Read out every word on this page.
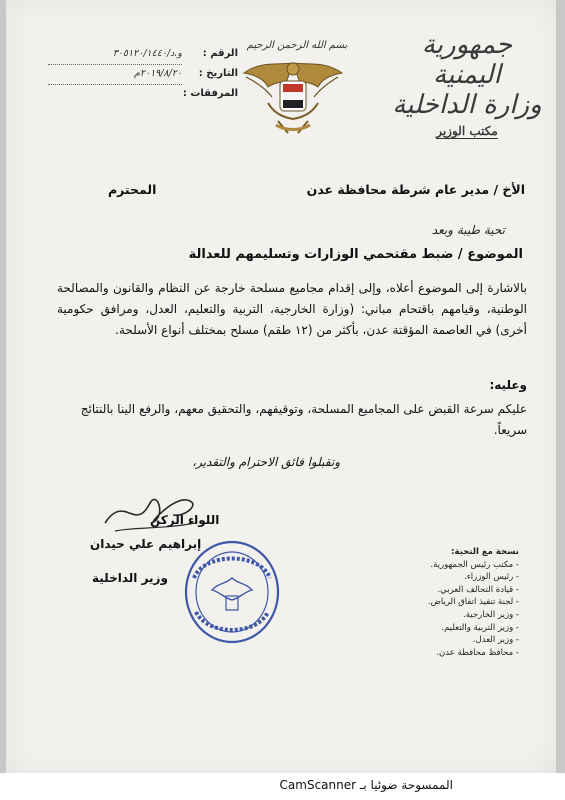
جمهورية اليمنية
وزارة الداخلية
مكتب الوزير
بسم الله الرحمن الرحيم
الرقم :
و.د/٣٠٥١٢٠/١٤٤٠
التاريخ :
٢٠١٩/٨/٢٠م
المرفقات :
الأخ / مدير عام شرطة محافظة عدن
المحترم
تحية طيبة وبعد
الموضوع / ضبط مقتحمي الوزارات وتسليمهم للعدالة
بالاشارة إلى الموضوع أعلاه، وإلى إقدام مجاميع مسلحة خارجة عن النظام والقانون والمصالحة الوطنية، وقيامهم باقتحام مباني: (وزارة الخارجية، التربية والتعليم، العدل، ومرافق حكومية أخرى) في العاصمة المؤقتة عدن، بأكثر من (١٢ طقم) مسلح بمختلف أنواع الأسلحة.
وعليه:
عليكم سرعة القبض على المجاميع المسلحة، وتوقيفهم، والتحقيق معهم، والرفع الينا بالنتائج سريعاً.
وتقبلوا فائق الاحترام والتقدير،
اللواء الركن
إبراهيم علي حيدان
وزير الداخلية
نسخة مع التحية:
- مكتب رئيس الجمهورية.
- رئيس الوزراء.
- قيادة التحالف العربي.
- لجنة تنفيذ اتفاق الرياض.
- وزير الخارجية.
- وزير التربية والتعليم.
- وزير العدل.
- محافظ محافظة عدن.
الممسوحة ضوئيا بـ CamScanner
